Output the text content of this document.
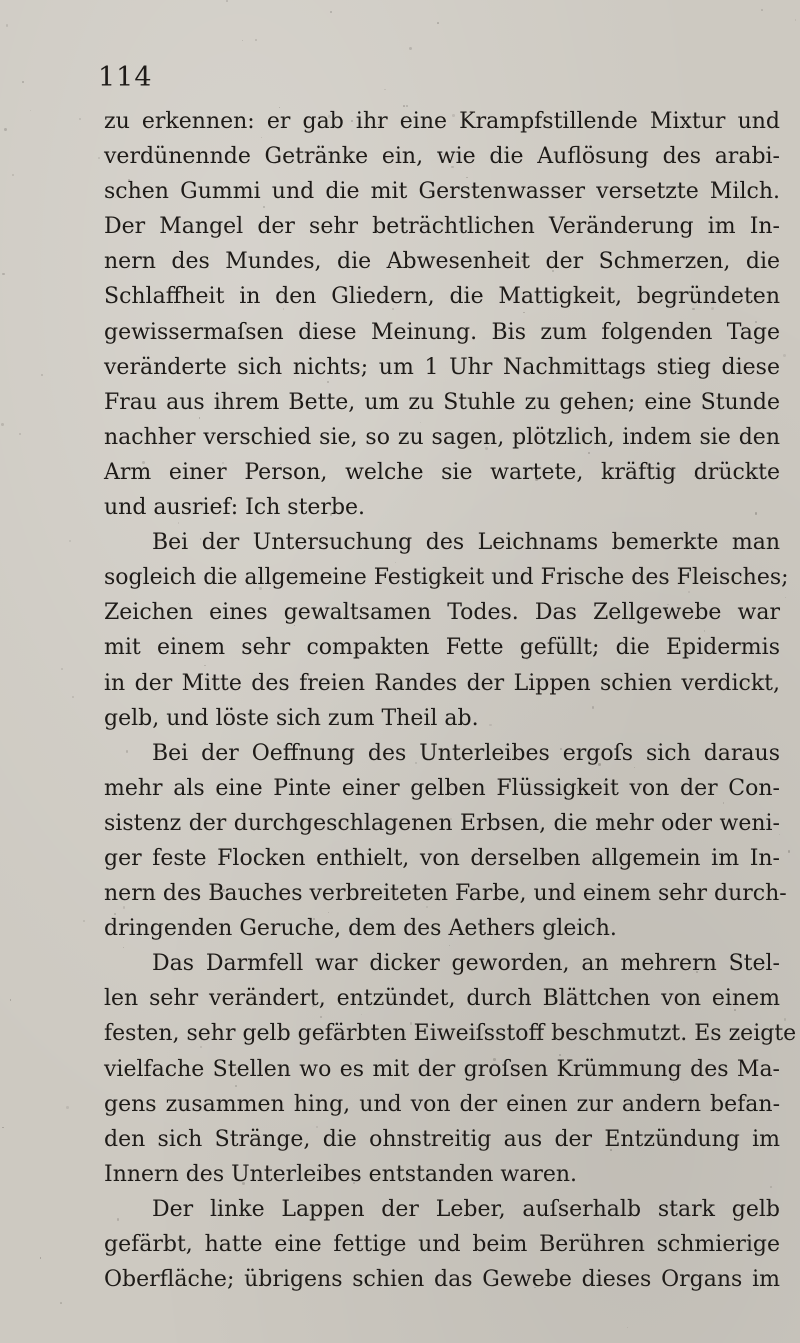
114
zu erkennen: er gab ihr eine Krampfstillende Mixtur und
verdünennde Getränke ein, wie die Auflösung des arabi-
schen Gummi und die mit Gerstenwasser versetzte Milch.
Der Mangel der sehr beträchtlichen Veränderung im In-
nern des Mundes, die Abwesenheit der Schmerzen, die
Schlaffheit in den Gliedern, die Mattigkeit, begründeten
gewissermaſsen diese Meinung. Bis zum folgenden Tage
veränderte sich nichts; um 1 Uhr Nachmittags stieg diese
Frau aus ihrem Bette, um zu Stuhle zu gehen; eine Stunde
nachher verschied sie, so zu sagen, plötzlich, indem sie den
Arm einer Person, welche sie wartete, kräftig drückte
und ausrief: Ich sterbe.
Bei der Untersuchung des Leichnams bemerkte man
sogleich die allgemeine Festigkeit und Frische des Fleisches;
Zeichen eines gewaltsamen Todes. Das Zellgewebe war
mit einem sehr compakten Fette gefüllt; die Epidermis
in der Mitte des freien Randes der Lippen schien verdickt,
gelb, und löste sich zum Theil ab.
Bei der Oeffnung des Unterleibes ergoſs sich daraus
mehr als eine Pinte einer gelben Flüssigkeit von der Con-
sistenz der durchgeschlagenen Erbsen, die mehr oder weni-
ger feste Flocken enthielt, von derselben allgemein im In-
nern des Bauches verbreiteten Farbe, und einem sehr durch-
dringenden Geruche, dem des Aethers gleich.
Das Darmfell war dicker geworden, an mehrern Stel-
len sehr verändert, entzündet, durch Blättchen von einem
festen, sehr gelb gefärbten Eiweiſsstoff beschmutzt. Es zeigte
vielfache Stellen wo es mit der groſsen Krümmung des Ma-
gens zusammen hing, und von der einen zur andern befan-
den sich Stränge, die ohnstreitig aus der Entzündung im
Innern des Unterleibes entstanden waren.
Der linke Lappen der Leber, auſserhalb stark gelb
gefärbt, hatte eine fettige und beim Berühren schmierige
Oberfläche; übrigens schien das Gewebe dieses Organs im
